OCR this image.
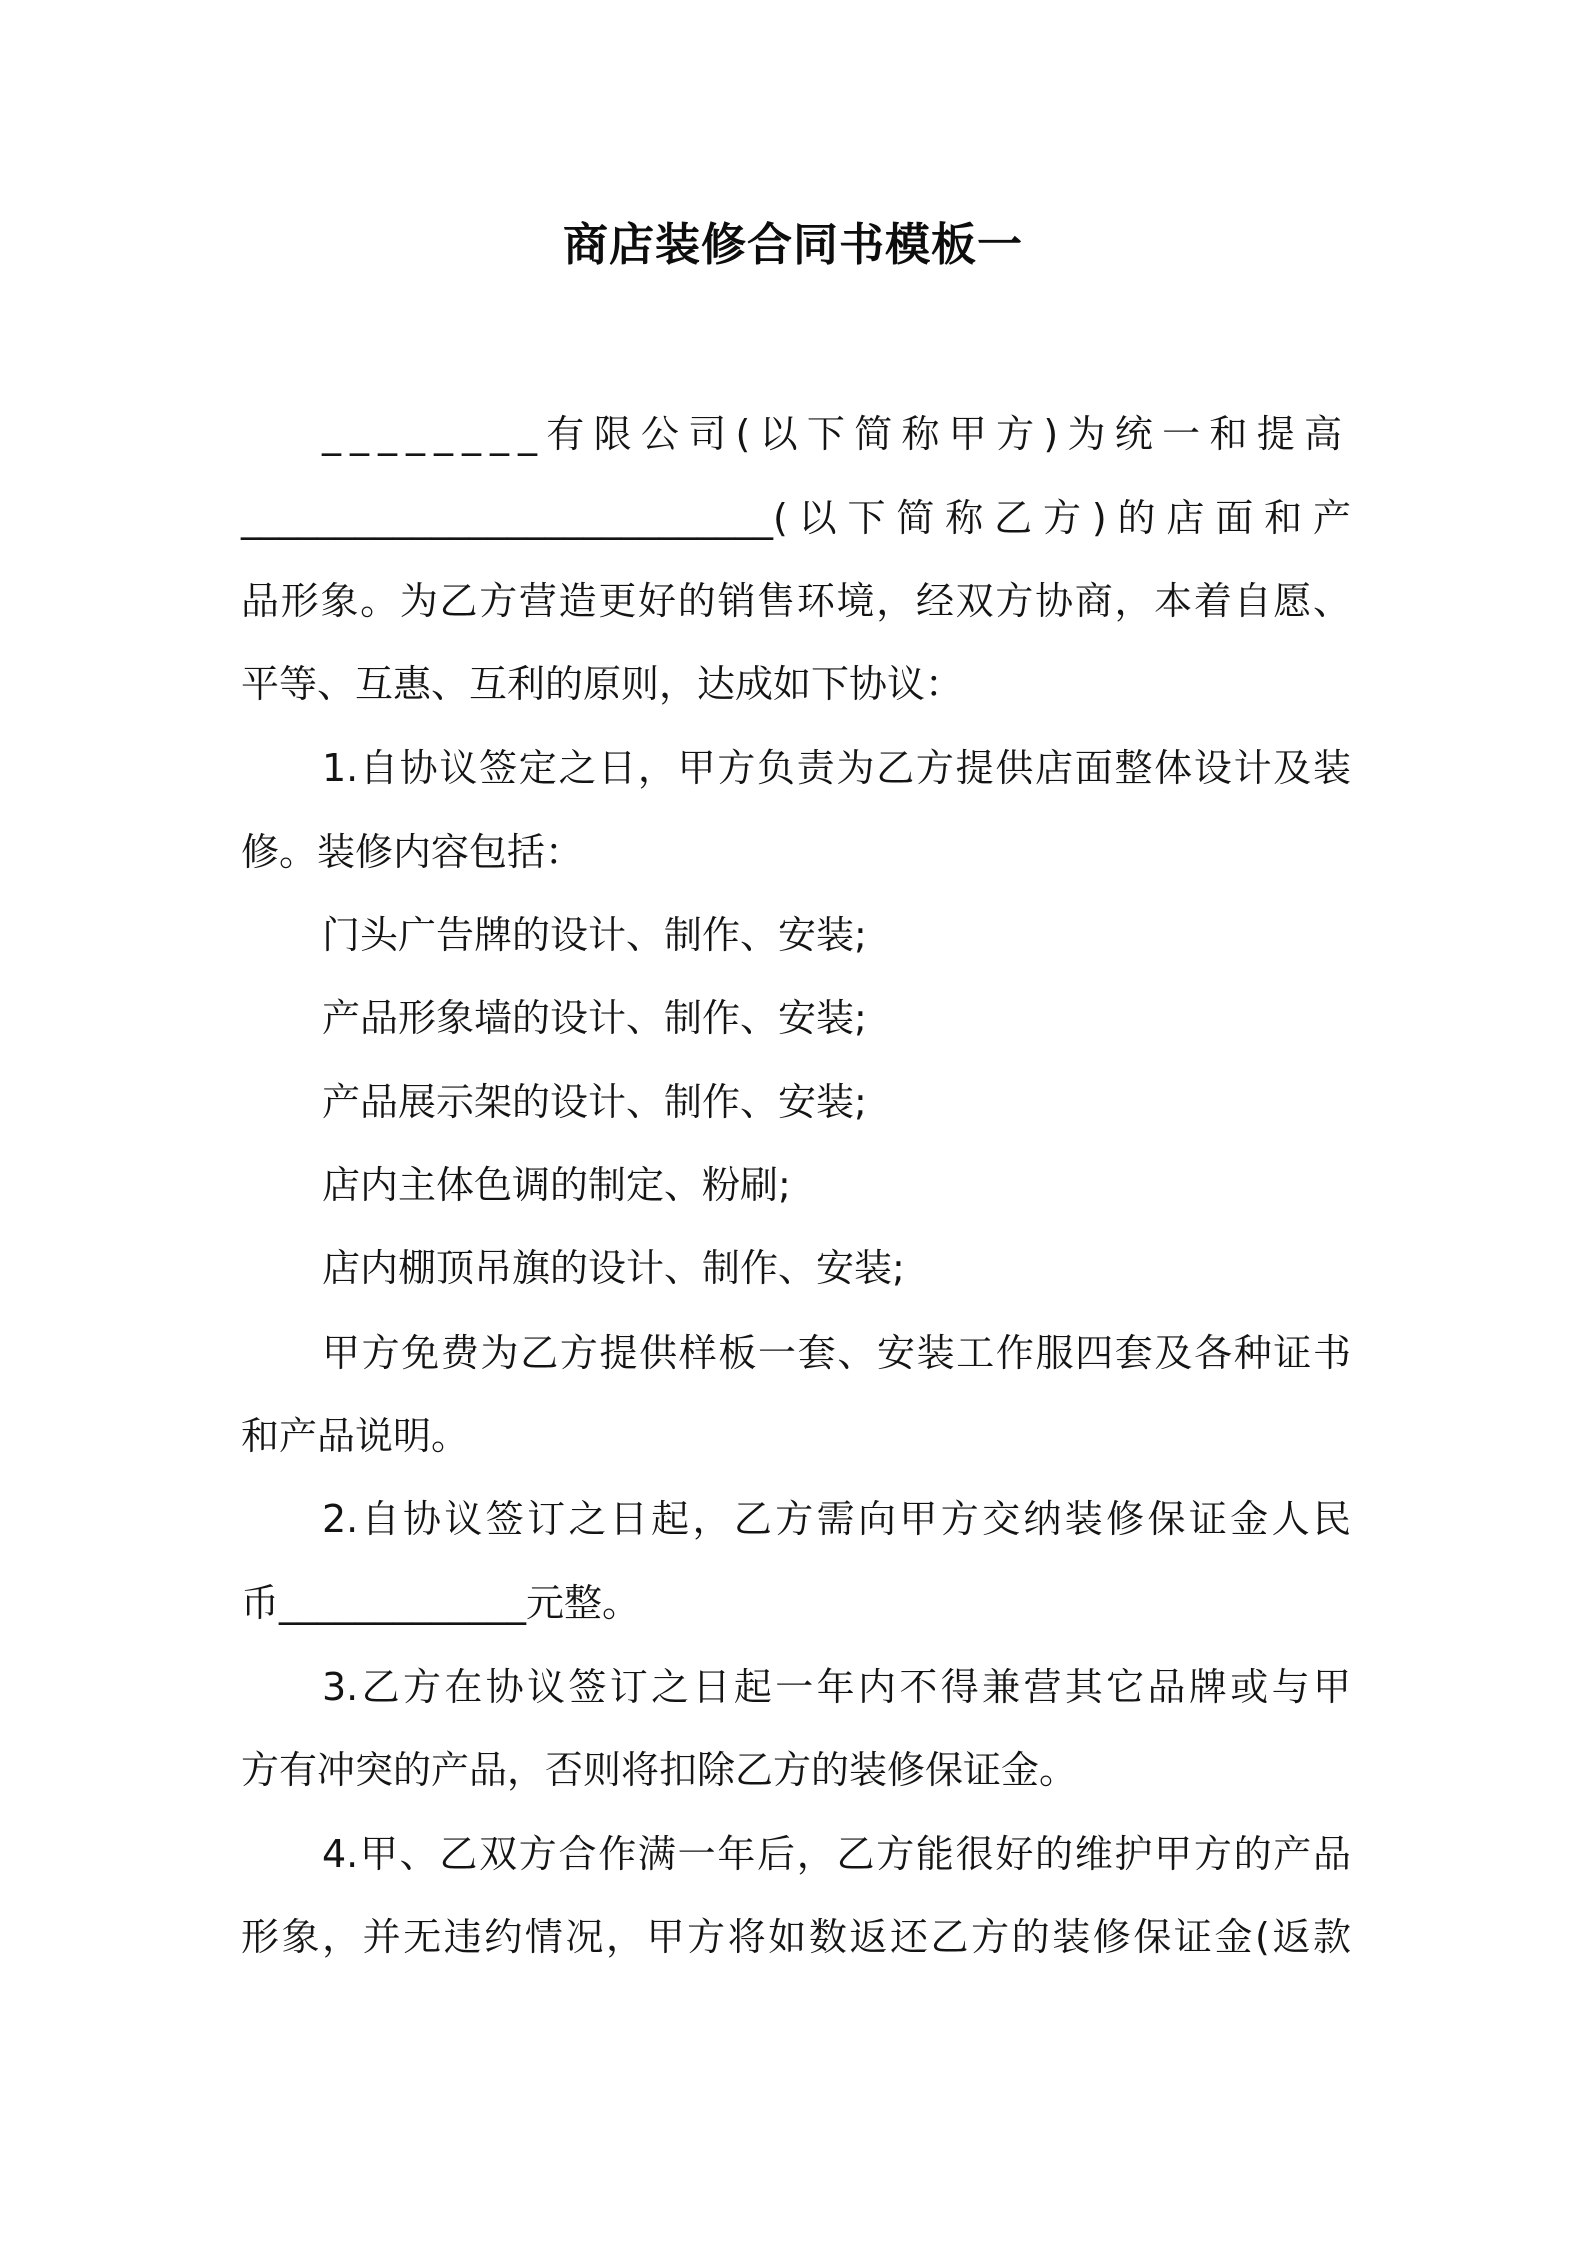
商店装修合同书模板一
________有限公司(以下简称甲方)为统一和提高
____________________________(以下简称乙方)的店面和产
品形象。为乙方营造更好的销售环境，经双方协商，本着自愿、
平等、互惠、互利的原则，达成如下协议：
1.自协议签定之日，甲方负责为乙方提供店面整体设计及装
修。装修内容包括：
门头广告牌的设计、制作、安装;
产品形象墙的设计、制作、安装;
产品展示架的设计、制作、安装;
店内主体色调的制定、粉刷;
店内棚顶吊旗的设计、制作、安装;
甲方免费为乙方提供样板一套、安装工作服四套及各种证书
和产品说明。
2.自协议签订之日起，乙方需向甲方交纳装修保证金人民
币_____________元整。
3.乙方在协议签订之日起一年内不得兼营其它品牌或与甲
方有冲突的产品，否则将扣除乙方的装修保证金。
4.甲、乙双方合作满一年后，乙方能很好的维护甲方的产品
形象，并无违约情况，甲方将如数返还乙方的装修保证金(返款
